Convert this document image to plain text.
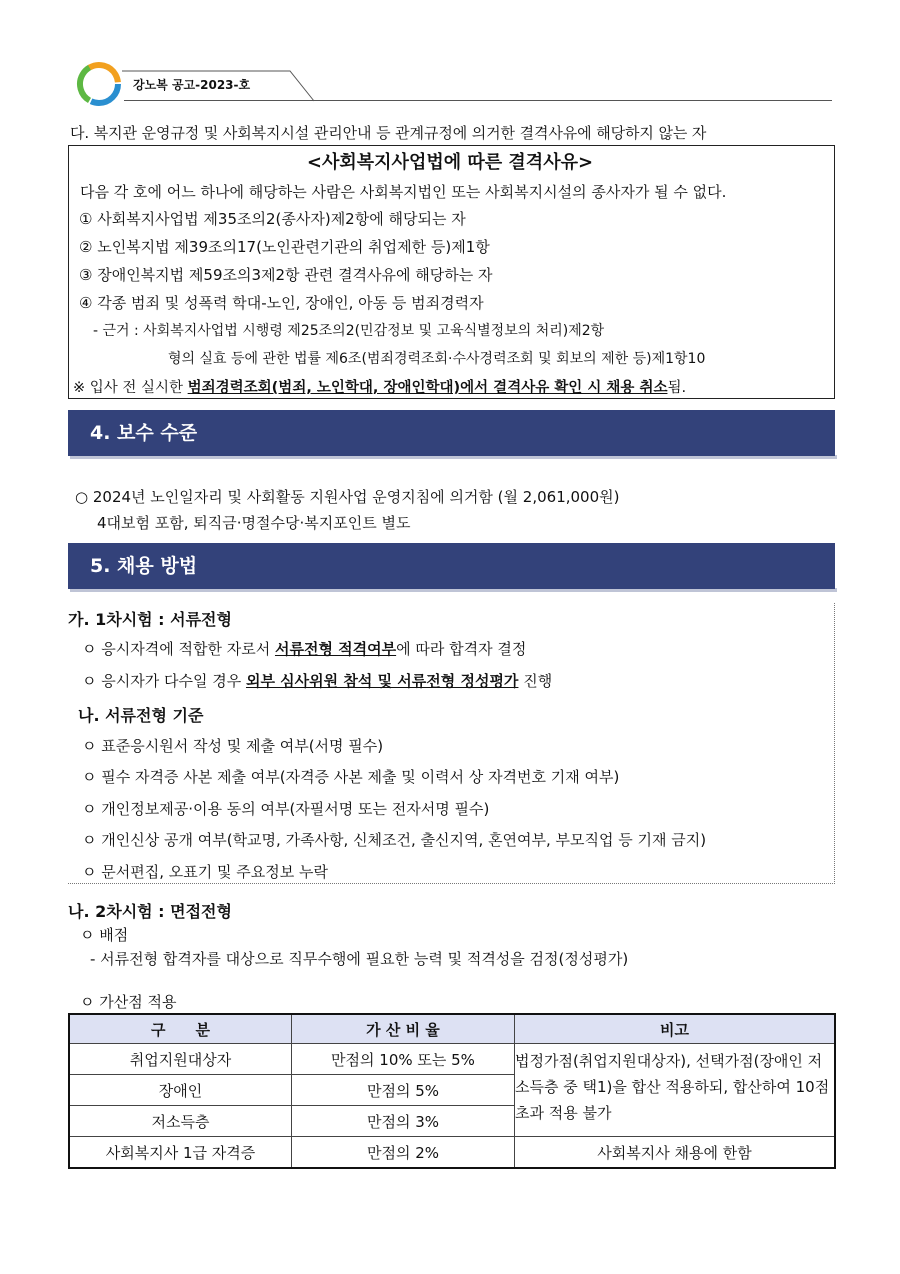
강노복 공고-2023-호
다. 복지관 운영규정 및 사회복지시설 관리안내 등 관계규정에 의거한 결격사유에 해당하지 않는 자
<사회복지사업법에 따른 결격사유>
다음 각 호에 어느 하나에 해당하는 사람은 사회복지법인 또는 사회복지시설의 종사자가 될 수 없다.
① 사회복지사업법 제35조의2(종사자)제2항에 해당되는 자
② 노인복지법 제39조의17(노인관련기관의 취업제한 등)제1항
③ 장애인복지법 제59조의3제2항 관련 결격사유에 해당하는 자
④ 각종 범죄 및 성폭력 학대-노인, 장애인, 아동 등 범죄경력자
- 근거 : 사회복지사업법 시행령 제25조의2(민감정보 및 고육식별정보의 처리)제2항
형의 실효 등에 관한 법률 제6조(범죄경력조회·수사경력조회 및 회보의 제한 등)제1항10
※ 입사 전 실시한 범죄경력조회(범죄, 노인학대, 장애인학대)에서 결격사유 확인 시 채용 취소됨.
4. 보수 수준
○ 2024년 노인일자리 및 사회활동 지원사업 운영지침에 의거함 (월 2,061,000원)
4대보험 포함, 퇴직금·명절수당·복지포인트 별도
5. 채용 방법
가. 1차시험 : 서류전형
ㅇ 응시자격에 적합한 자로서 서류전형 적격여부에 따라 합격자 결정
ㅇ 응시자가 다수일 경우 외부 심사위원 참석 및 서류전형 정성평가 진행
나. 서류전형 기준
ㅇ 표준응시원서 작성 및 제출 여부(서명 필수)
ㅇ 필수 자격증 사본 제출 여부(자격증 사본 제출 및 이력서 상 자격번호 기재 여부)
ㅇ 개인정보제공·이용 동의 여부(자필서명 또는 전자서명 필수)
ㅇ 개인신상 공개 여부(학교명, 가족사항, 신체조건, 출신지역, 혼연여부, 부모직업 등 기재 금지)
ㅇ 문서편집, 오표기 및 주요정보 누락
나. 2차시험 : 면접전형
ㅇ 배점
- 서류전형 합격자를 대상으로 직무수행에 필요한 능력 및 적격성을 검정(정성평가)
ㅇ 가산점 적용
구　　분	가 산 비 율	비고
취업지원대상자	만점의 10% 또는 5%	법정가점(취업지원대상자), 선택가점(장애인 저소득층 중 택1)을 합산 적용하되, 합산하여 10점 초과 적용 불가
장애인	만점의 5%	
저소득층	만점의 3%	
사회복지사 1급 자격증	만점의 2%	사회복지사 채용에 한함
